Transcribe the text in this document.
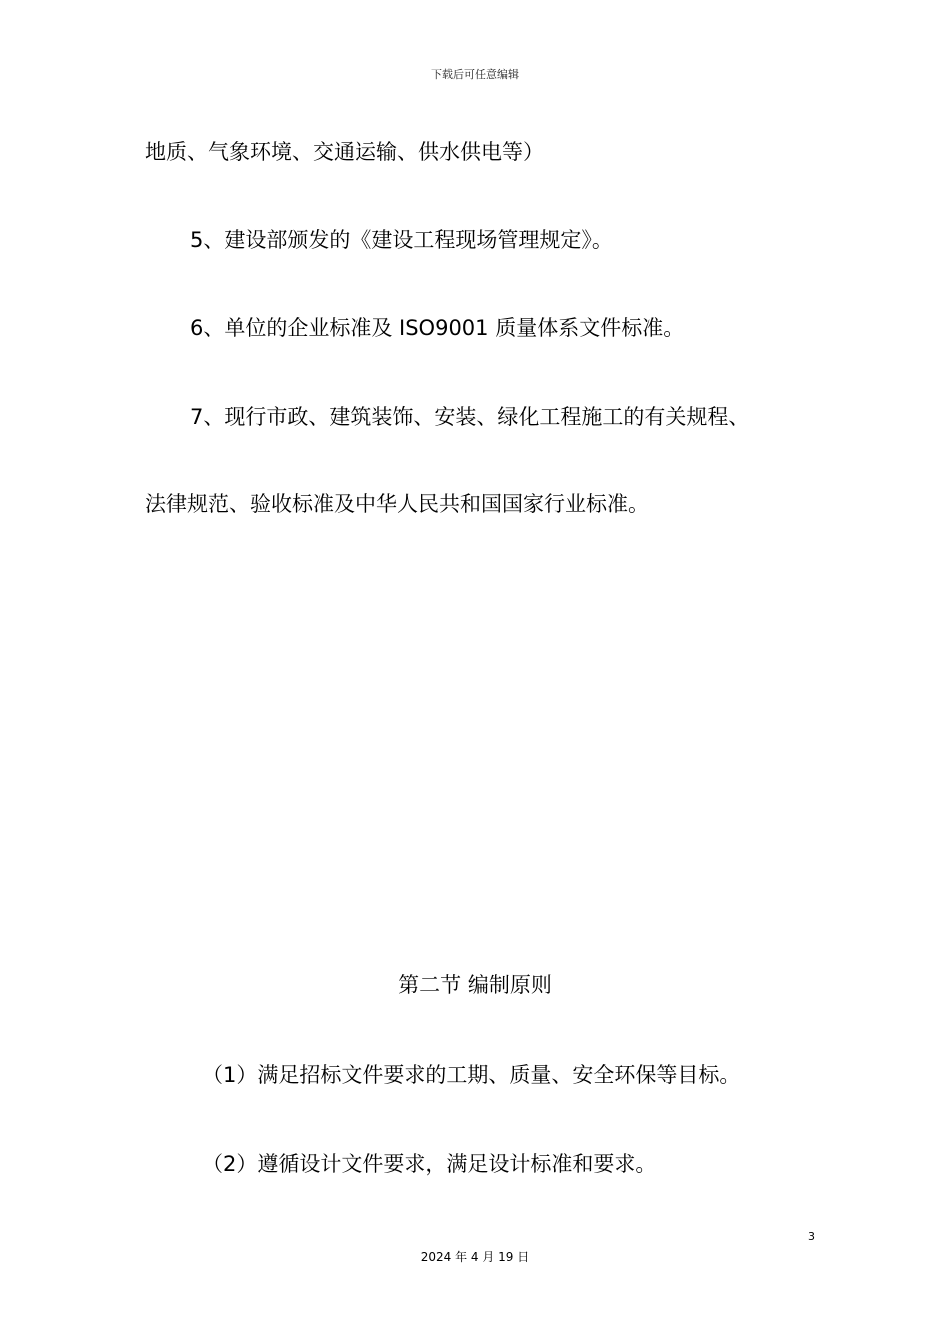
下载后可任意编辑
地质、气象环境、交通运输、供水供电等）
5、建设部颁发的《建设工程现场管理规定》。
6、单位的企业标准及 ISO9001 质量体系文件标准。
7、现行市政、建筑装饰、安装、绿化工程施工的有关规程、
法律规范、验收标准及中华人民共和国国家行业标准。
第二节 编制原则
（1）满足招标文件要求的工期、质量、安全环保等目标。
（2）遵循设计文件要求，满足设计标准和要求。
3
2024 年 4 月 19 日
